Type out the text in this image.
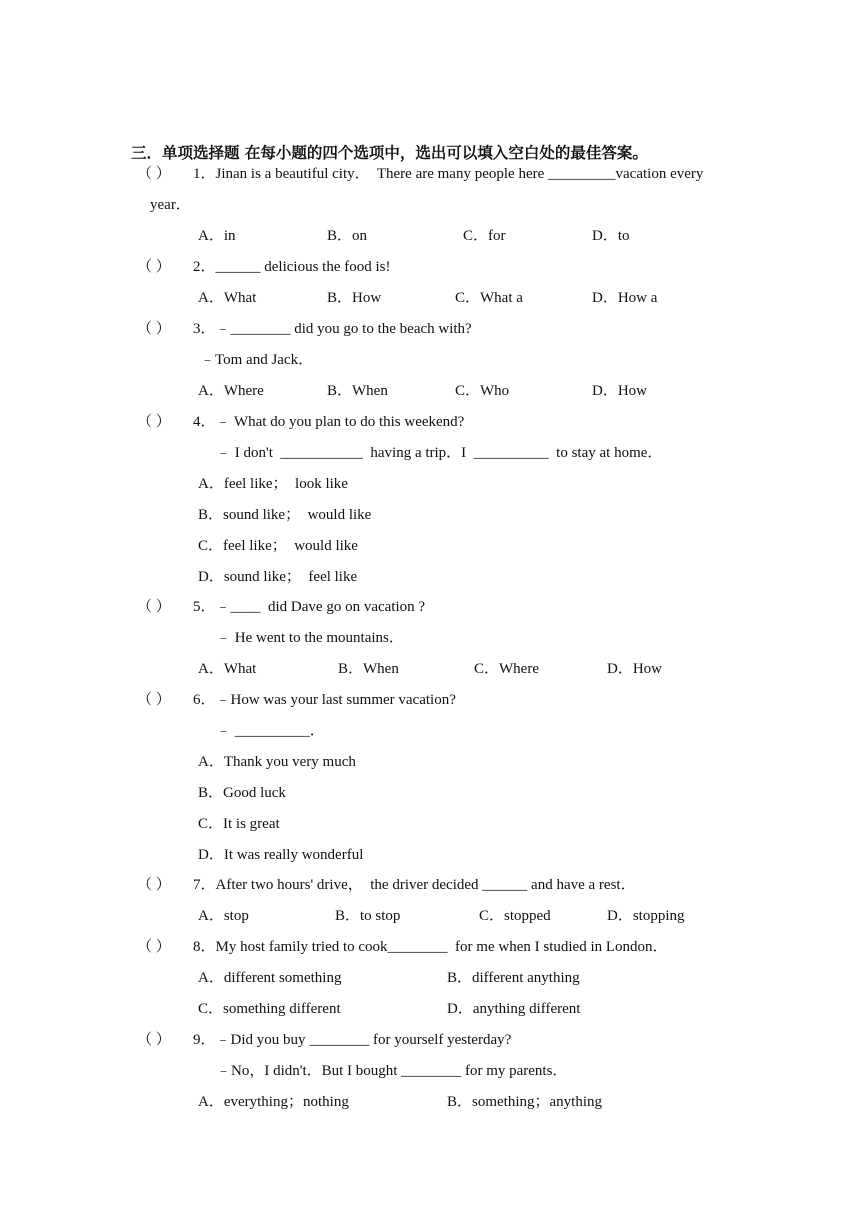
三．单项选择题 在每小题的四个选项中，选出可以填入空白处的最佳答案。
（ ） 1．Jinan is a beautiful city．  There are many people here _________vacation every
year．
A．in	B．on	C．for	D．to
（ ） 2．______ delicious the food is!
A．What	B．How	C．What a	D．How a
（ ） 3．﹣________ did you go to the beach with?
﹣Tom and Jack．
A．Where	B．When	C．Who	D．How
（ ） 4．﹣ What do you plan to do this weekend?
﹣ I don't  ___________  having a trip．I  __________  to stay at home．
A．feel like；  look like
B．sound like；  would like
C．feel like；  would like
D．sound like；  feel like
（ ） 5．﹣____  did Dave go on vacation ?
﹣ He went to the mountains．
A．What	B．When	C．Where	D．How
（ ） 6．﹣How was your last summer vacation?
﹣ __________．
A．Thank you very much
B．Good luck
C．It is great
D．It was really wonderful
（ ） 7．After two hours' drive，  the driver decided ______ and have a rest．
A．stop	B．to stop	C．stopped	D．stopping
（ ） 8．My host family tried to cook________  for me when I studied in London．
A．different something	B．different anything
C．something different	D．anything different
（ ） 9．﹣Did you buy ________ for yourself yesterday?
﹣No，I didn't．But I bought ________ for my parents．
A．everything；nothing	B．something；anything
